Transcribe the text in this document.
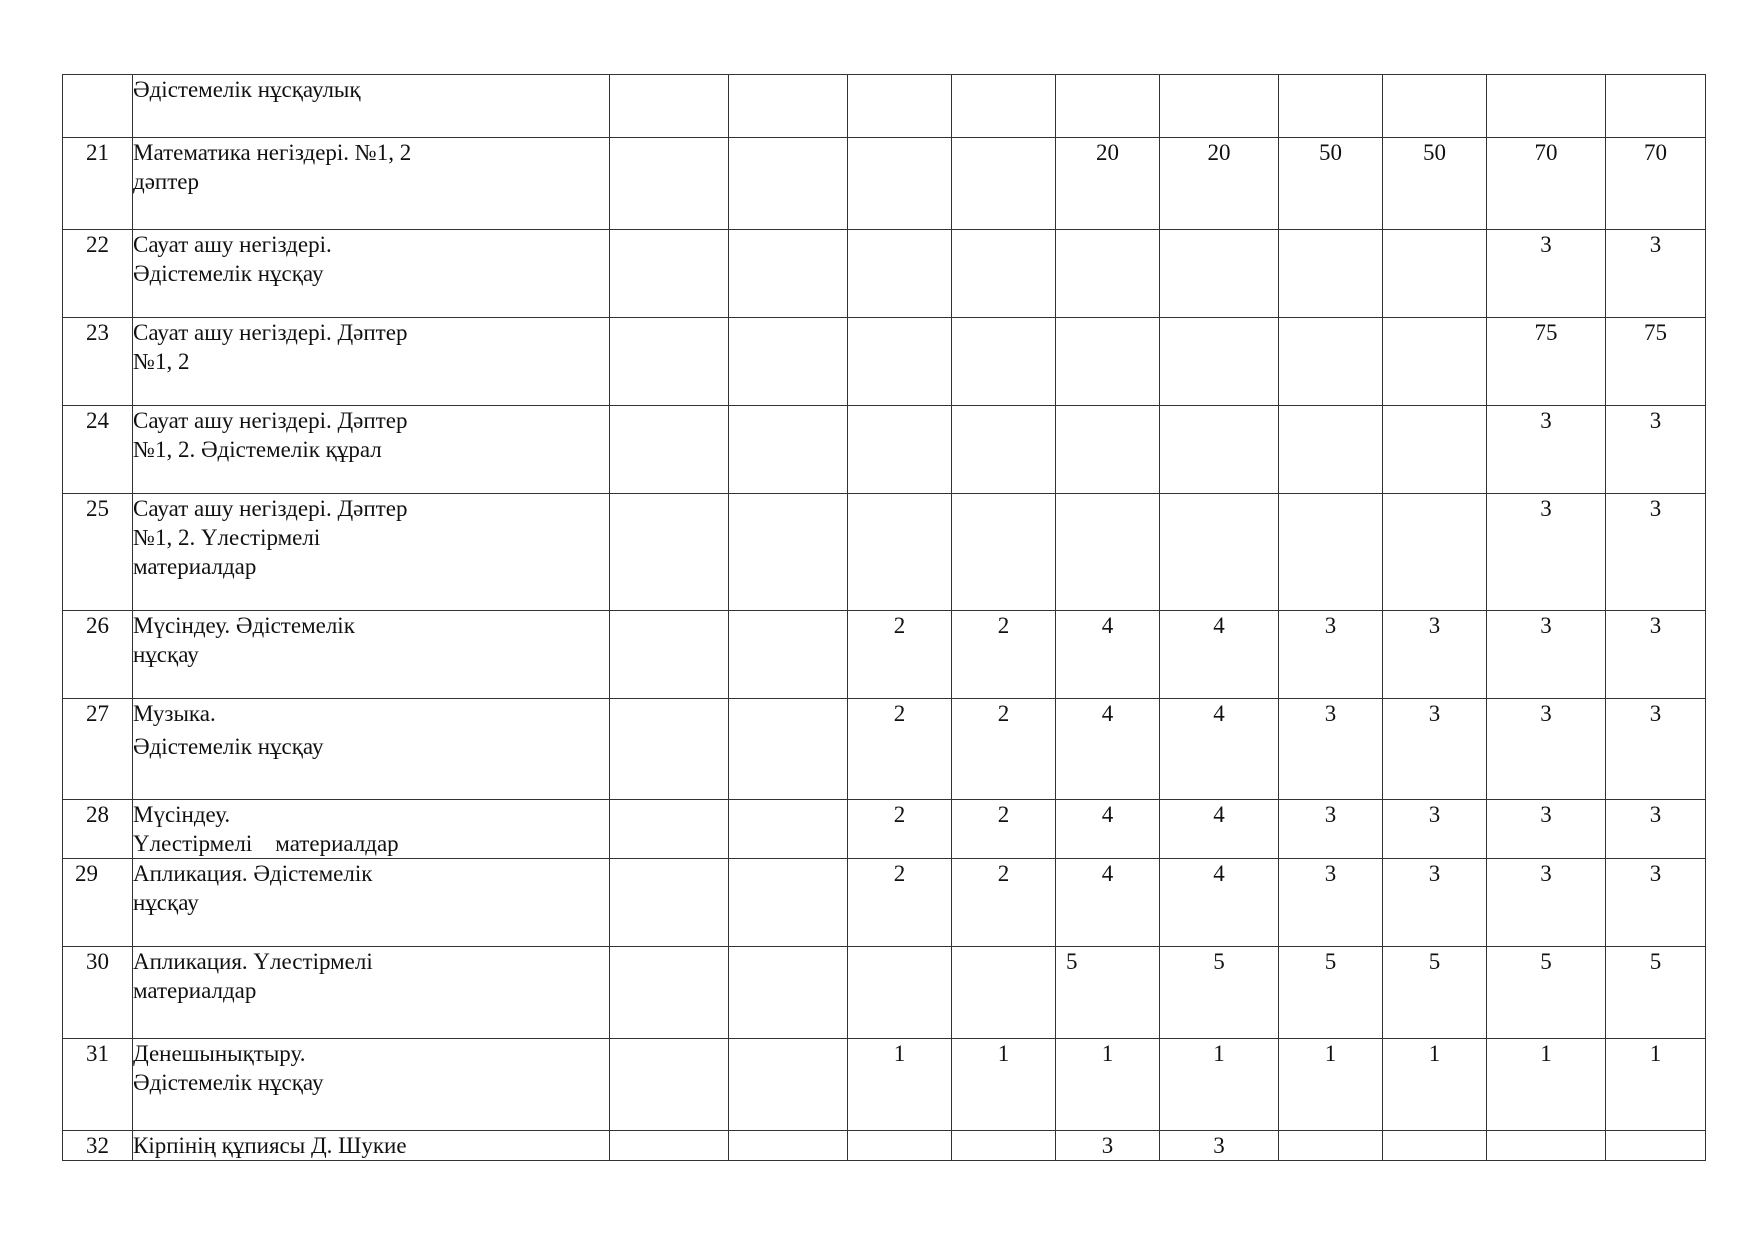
	Әдістемелік нұсқаулық										

21	Математика негіздері. №1, 2
дәптер					20	20	50	50	70	70
22	Сауат ашу негіздері.
Әдістемелік нұсқау									3	3
23	Сауат ашу негіздері. Дәптер
№1, 2									75	75
24	Сауат ашу негіздері. Дәптер
№1, 2. Әдістемелік құрал									3	3
25	Сауат ашу негіздері. Дәптер
№1, 2. Үлестірмелі
материалдар									3	3
26	Мүсіндеу. Әдістемелік
нұсқау			2	2	4	4	3	3	3	3
27	Музыка.
Әдістемелік нұсқау			2	2	4	4	3	3	3	3
28	Мүсіндеу.
Үлестірмелі    материалдар			2	2	4	4	3	3	3	3
29	Апликация. Әдістемелік
нұсқау			2	2	4	4	3	3	3	3
30	Апликация. Үлестірмелі
материалдар					5	5	5	5	5	5
31	Денешынықтыру.
Әдістемелік нұсқау			1	1	1	1	1	1	1	1
32	Кірпінің құпиясы Д. Шукие					3	3				
